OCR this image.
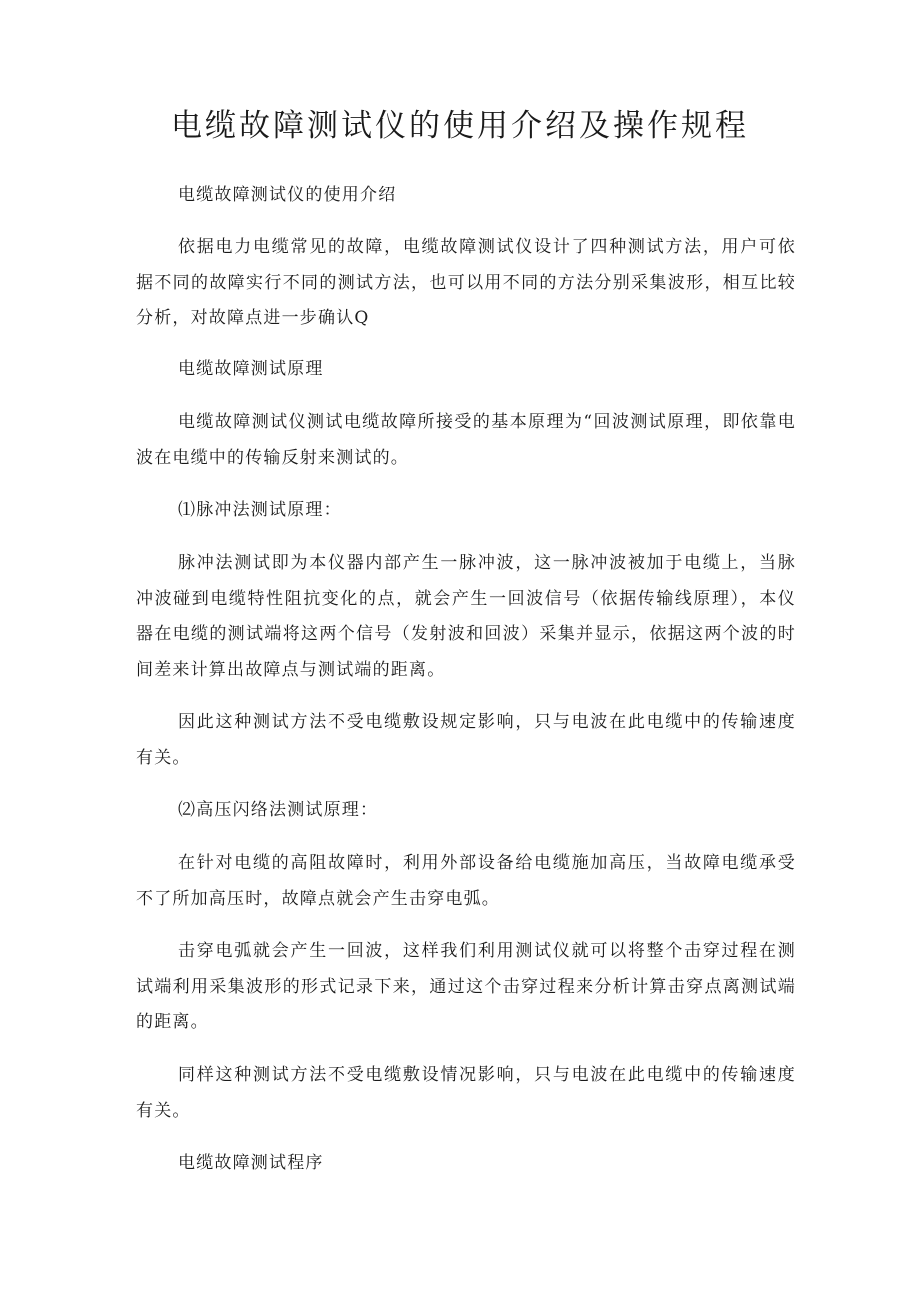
电缆故障测试仪的使用介绍及操作规程
电缆故障测试仪的使用介绍

依据电力电缆常见的故障，电缆故障测试仪设计了四种测试方法，用户可依据不同的故障实行不同的测试方法，也可以用不同的方法分别采集波形，相互比较分析，对故障点进一步确认Q

电缆故障测试原理

电缆故障测试仪测试电缆故障所接受的基本原理为“回波测试原理，即依靠电波在电缆中的传输反射来测试的。

⑴脉冲法测试原理：

脉冲法测试即为本仪器内部产生一脉冲波，这一脉冲波被加于电缆上，当脉冲波碰到电缆特性阻抗变化的点，就会产生一回波信号（依据传输线原理），本仪器在电缆的测试端将这两个信号（发射波和回波）采集并显示，依据这两个波的时间差来计算出故障点与测试端的距离。

因此这种测试方法不受电缆敷设规定影响，只与电波在此电缆中的传输速度有关。

⑵高压闪络法测试原理：

在针对电缆的高阻故障时，利用外部设备给电缆施加高压，当故障电缆承受不了所加高压时，故障点就会产生击穿电弧。

击穿电弧就会产生一回波，这样我们利用测试仪就可以将整个击穿过程在测试端利用采集波形的形式记录下来，通过这个击穿过程来分析计算击穿点离测试端的距离。

同样这种测试方法不受电缆敷设情况影响，只与电波在此电缆中的传输速度有关。

电缆故障测试程序
